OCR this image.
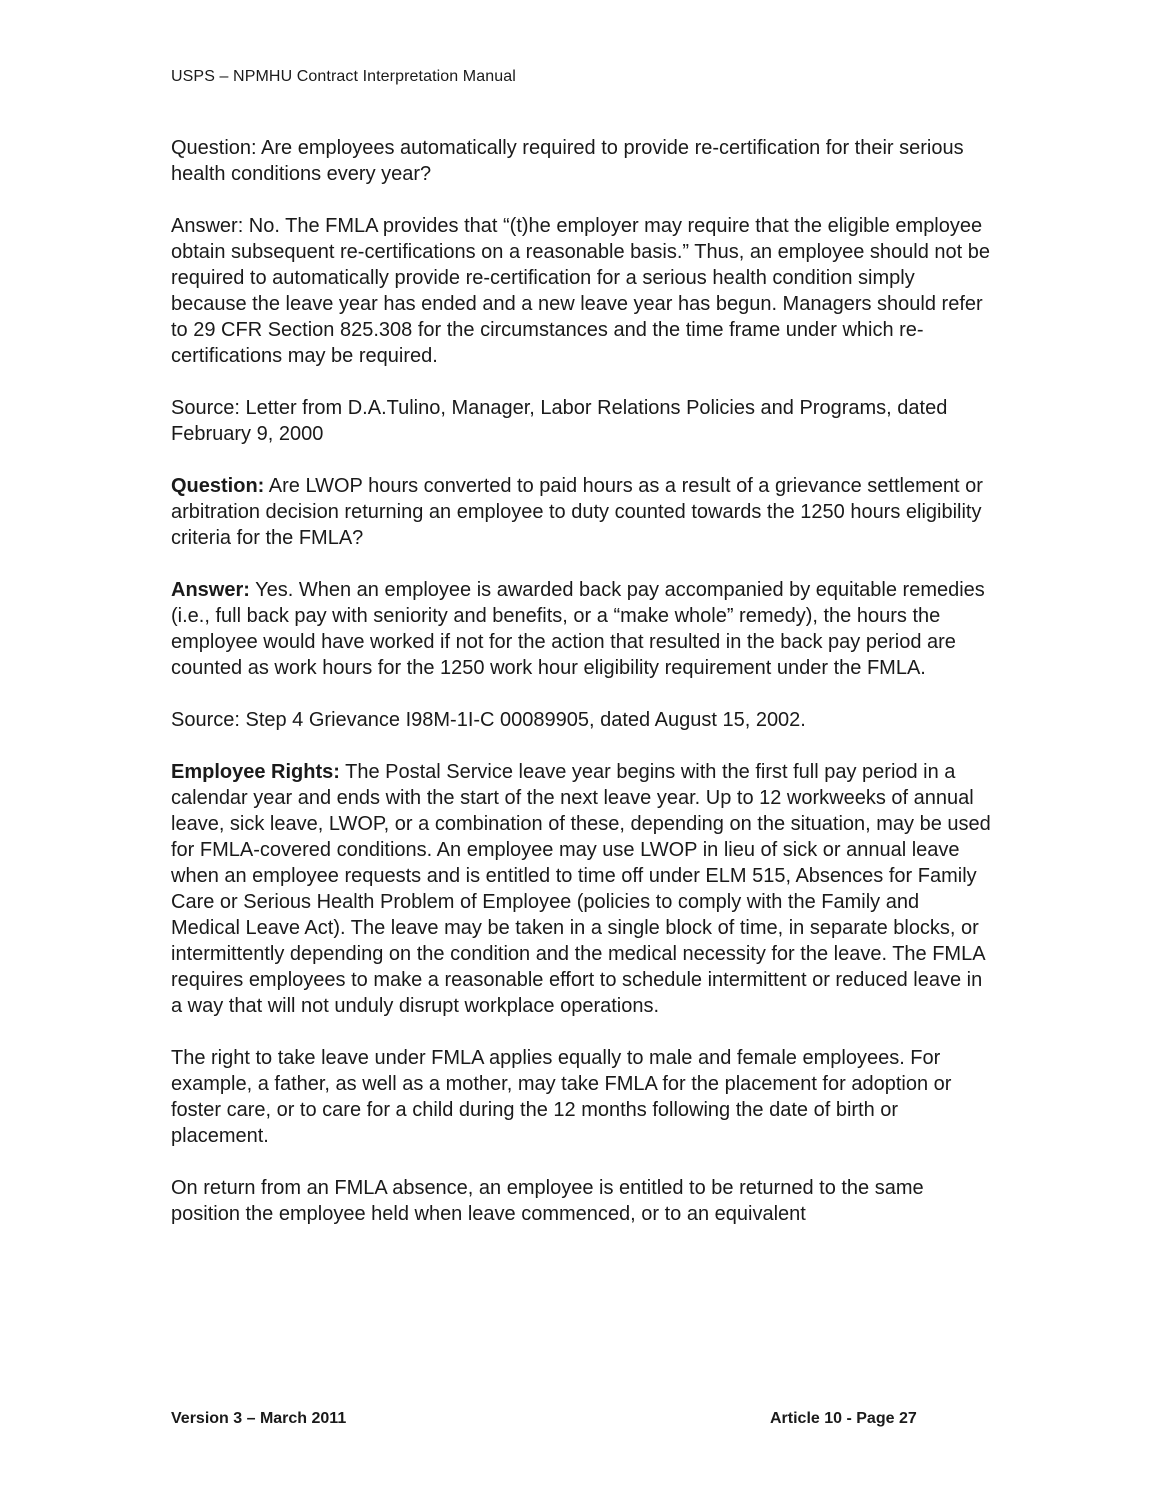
USPS – NPMHU Contract Interpretation Manual

Question: Are employees automatically required to provide re-certification for their serious health conditions every year?

Answer: No. The FMLA provides that “(t)he employer may require that the eligible employee obtain subsequent re-certifications on a reasonable basis.” Thus, an employee should not be required to automatically provide re-certification for a serious health condition simply because the leave year has ended and a new leave year has begun. Managers should refer to 29 CFR Section 825.308 for the circumstances and the time frame under which re-certifications may be required.

Source: Letter from D.A.Tulino, Manager, Labor Relations Policies and Programs, dated February 9, 2000

Question: Are LWOP hours converted to paid hours as a result of a grievance settlement or arbitration decision returning an employee to duty counted towards the 1250 hours eligibility criteria for the FMLA?

Answer: Yes. When an employee is awarded back pay accompanied by equitable remedies (i.e., full back pay with seniority and benefits, or a “make whole” remedy), the hours the employee would have worked if not for the action that resulted in the back pay period are counted as work hours for the 1250 work hour eligibility requirement under the FMLA.

Source: Step 4 Grievance I98M-1I-C 00089905, dated August 15, 2002.

Employee Rights: The Postal Service leave year begins with the first full pay period in a calendar year and ends with the start of the next leave year. Up to 12 workweeks of annual leave, sick leave, LWOP, or a combination of these, depending on the situation, may be used for FMLA-covered conditions. An employee may use LWOP in lieu of sick or annual leave when an employee requests and is entitled to time off under ELM 515, Absences for Family Care or Serious Health Problem of Employee (policies to comply with the Family and Medical Leave Act). The leave may be taken in a single block of time, in separate blocks, or intermittently depending on the condition and the medical necessity for the leave. The FMLA requires employees to make a reasonable effort to schedule intermittent or reduced leave in a way that will not unduly disrupt workplace operations.

The right to take leave under FMLA applies equally to male and female employees. For example, a father, as well as a mother, may take FMLA for the placement for adoption or foster care, or to care for a child during the 12 months following the date of birth or placement.

On return from an FMLA absence, an employee is entitled to be returned to the same position the employee held when leave commenced, or to an equivalent

Version 3 – March 2011	Article 10 - Page 27
